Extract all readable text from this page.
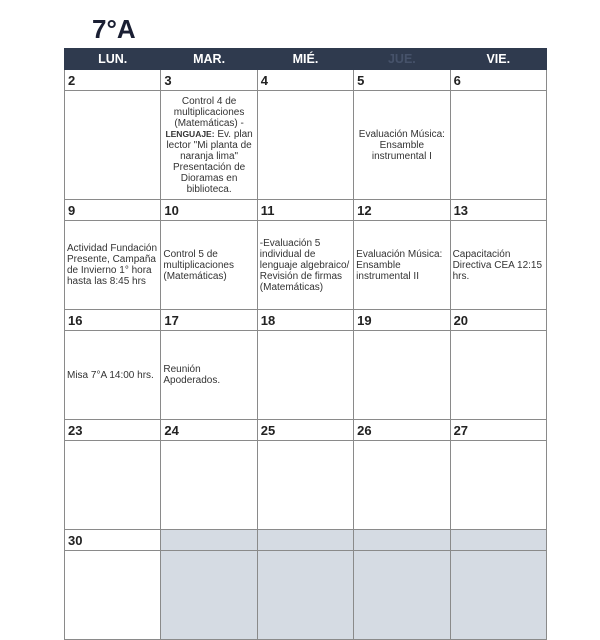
7°A
LUN.	MAR.	MIÉ.	JUE.	VIE.
2	3	4	5	6
	Control 4 de multiplicaciones (Matemáticas) - LENGUAJE: Ev. plan lector "Mi planta de naranja lima" Presentación de Dioramas en biblioteca.		Evaluación Música: Ensamble instrumental I	
9	10	11	12	13
Actividad Fundación Presente, Campaña de Invierno 1° hora hasta las 8:45 hrs	Control 5 de multiplicaciones (Matemáticas)	-Evaluación 5 individual de lenguaje algebraico/ Revisión de firmas (Matemáticas)	Evaluación Música: Ensamble instrumental II	Capacitación Directiva CEA 12:15 hrs.
16	17	18	19	20
Misa 7°A 14:00 hrs.	Reunión Apoderados.			
23	24	25	26	27

30				
